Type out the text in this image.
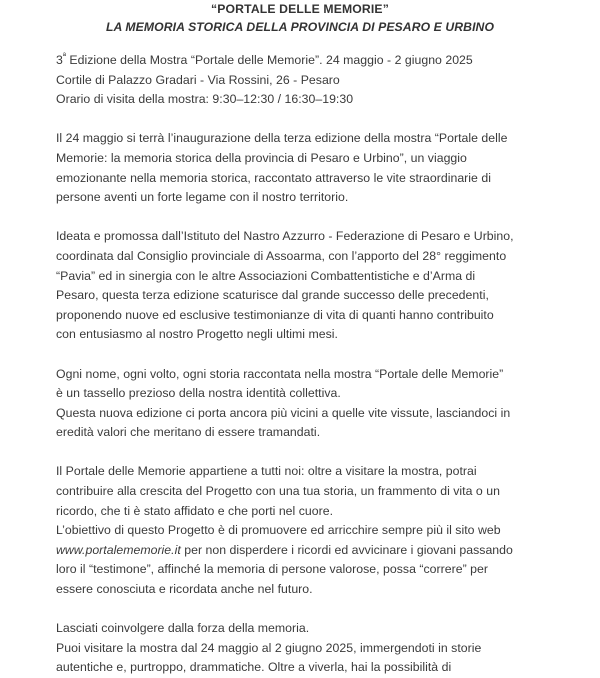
“PORTALE DELLE MEMORIE”
LA MEMORIA STORICA DELLA PROVINCIA DI PESARO E URBINO
$3^ª$ Edizione della Mostra “Portale delle Memorie”. 24 maggio - 2 giugno 2025
Cortile di Palazzo Gradari - Via Rossini, 26 - Pesaro
Orario di visita della mostra: 9:30–12:30 / 16:30–19:30
Il 24 maggio si terrà l’inaugurazione della terza edizione della mostra “Portale delle
Memorie: la memoria storica della provincia di Pesaro e Urbino”, un viaggio
emozionante nella memoria storica, raccontato attraverso le vite straordinarie di
persone aventi un forte legame con il nostro territorio.
Ideata e promossa dall’Istituto del Nastro Azzurro - Federazione di Pesaro e Urbino,
coordinata dal Consiglio provinciale di Assoarma, con l’apporto del 28° reggimento
“Pavia” ed in sinergia con le altre Associazioni Combattentistiche e d’Arma di
Pesaro, questa terza edizione scaturisce dal grande successo delle precedenti,
proponendo nuove ed esclusive testimonianze di vita di quanti hanno contribuito
con entusiasmo al nostro Progetto negli ultimi mesi.
Ogni nome, ogni volto, ogni storia raccontata nella mostra “Portale delle Memorie”
è un tassello prezioso della nostra identità collettiva.
Questa nuova edizione ci porta ancora più vicini a quelle vite vissute, lasciandoci in
eredità valori che meritano di essere tramandati.
Il Portale delle Memorie appartiene a tutti noi: oltre a visitare la mostra, potrai
contribuire alla crescita del Progetto con una tua storia, un frammento di vita o un
ricordo, che ti è stato affidato e che porti nel cuore.
L’obiettivo di questo Progetto è di promuovere ed arricchire sempre più il sito web
www.portalememorie.it per non disperdere i ricordi ed avvicinare i giovani passando
loro il “testimone”, affinché la memoria di persone valorose, possa “correre” per
essere conosciuta e ricordata anche nel futuro.
Lasciati coinvolgere dalla forza della memoria.
Puoi visitare la mostra dal 24 maggio al 2 giugno 2025, immergendoti in storie
autentiche e, purtroppo, drammatiche. Oltre a viverla, hai la possibilità di
